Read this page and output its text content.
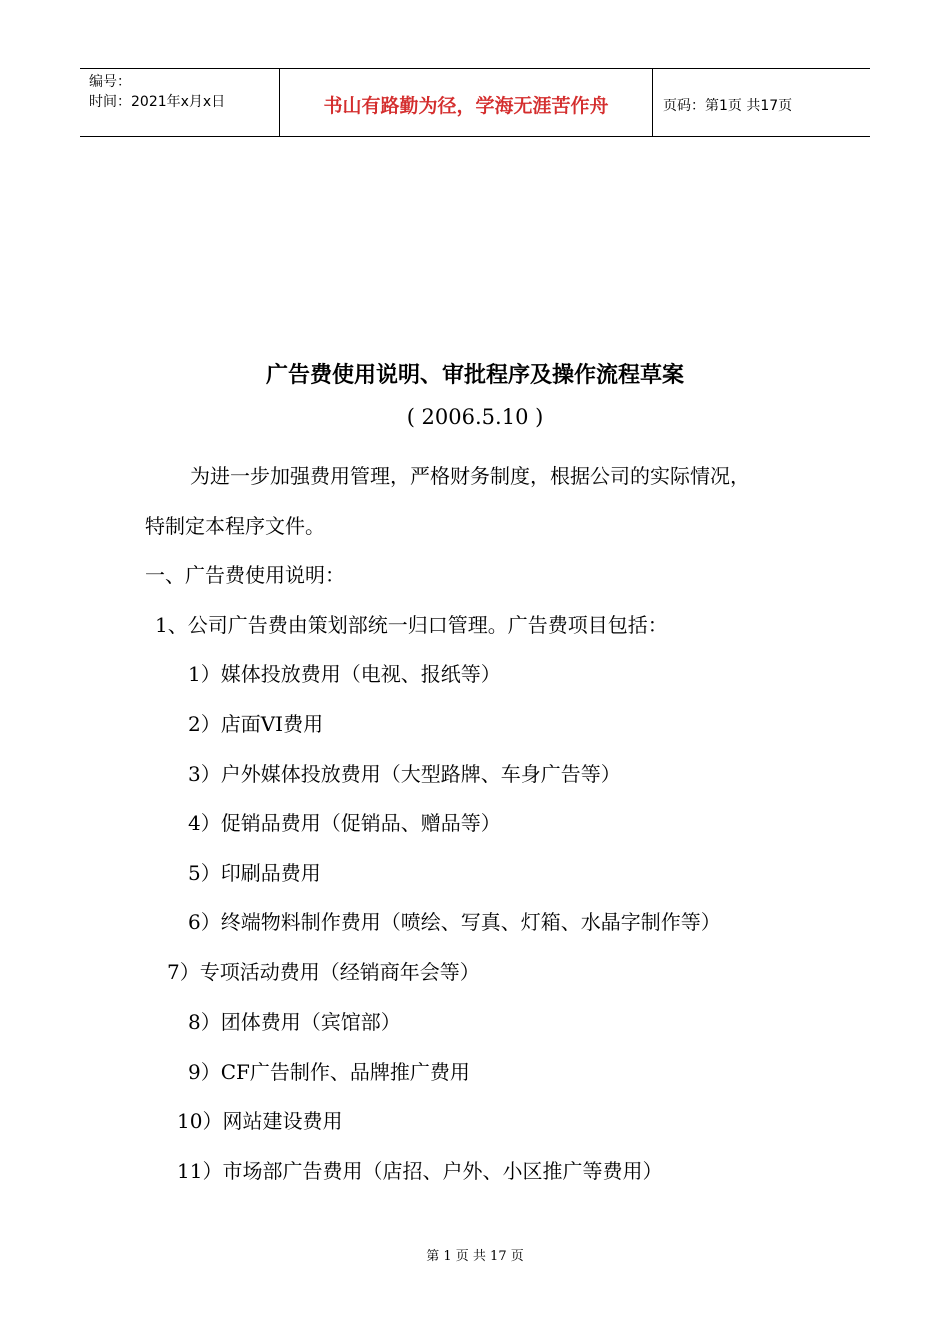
编号：
时间：2021年x月x日	书山有路勤为径，学海无涯苦作舟	页码：第1页 共17页
广告费使用说明、审批程序及操作流程草案
( 2006.5.10 )
为进一步加强费用管理，严格财务制度，根据公司的实际情况，
特制定本程序文件。
一、广告费使用说明：
1、公司广告费由策划部统一归口管理。广告费项目包括：
1）媒体投放费用（电视、报纸等）
2）店面VI费用
3）户外媒体投放费用（大型路牌、车身广告等）
4）促销品费用（促销品、赠品等）
5）印刷品费用
6）终端物料制作费用（喷绘、写真、灯箱、水晶字制作等）
7）专项活动费用（经销商年会等）
8）团体费用（宾馆部）
9）CF广告制作、品牌推广费用
10）网站建设费用
11）市场部广告费用（店招、户外、小区推广等费用）
第 1 页 共 17 页
